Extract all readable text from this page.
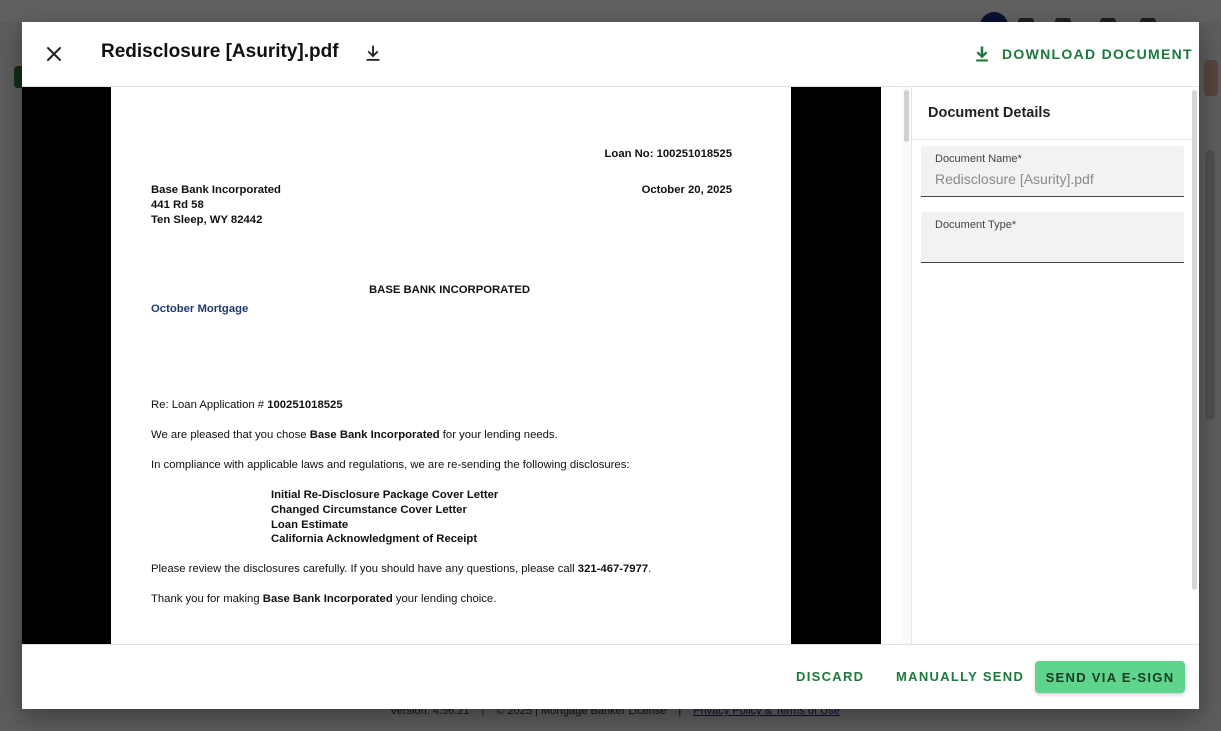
Redisclosure [Asurity].pdf	DOWNLOAD DOCUMENT
Loan No: 100251018525
Base Bank Incorporated
441 Rd 58
Ten Sleep, WY 82442
October 20, 2025
BASE BANK INCORPORATED
October Mortgage
Re: Loan Application # 100251018525
We are pleased that you chose Base Bank Incorporated for your lending needs.
In compliance with applicable laws and regulations, we are re-sending the following disclosures:
Initial Re-Disclosure Package Cover Letter
Changed Circumstance Cover Letter
Loan Estimate
California Acknowledgment of Receipt
Please review the disclosures carefully. If you should have any questions, please call 321-467-7977.
Thank you for making Base Bank Incorporated your lending choice.
Document Details
Document Name*
Redisclosure [Asurity].pdf
Document Type*
DISCARD MANUALLY SEND SEND VIA E-SIGN
